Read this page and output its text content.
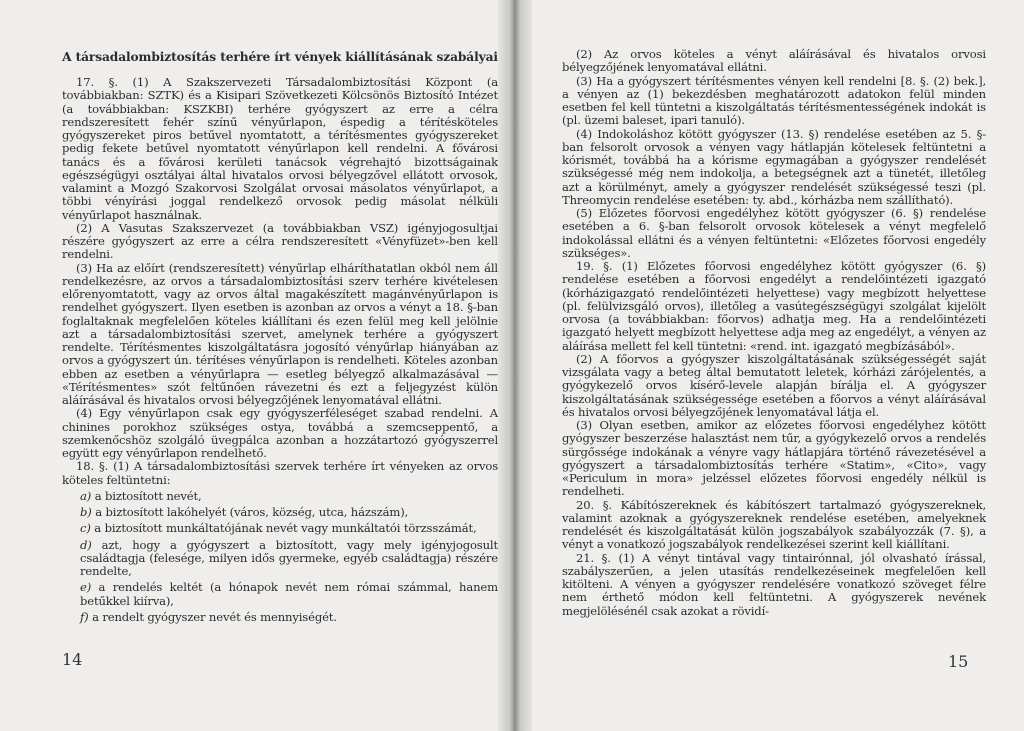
A társadalombiztosítás terhére írt vények kiállításának szabályai

17. §. (1) A Szakszervezeti Társadalombiztosítási Központ (a továbbiakban: SZTK) és a Kisipari Szövetkezeti Kölcsönös Biztosító Intézet (a továbbiakban: KSZKBI) terhére gyógyszert az erre a célra rendszeresített fehér színű vényűrlapon, éspedig a térítésköteles gyógyszereket piros betűvel nyomtatott, a térítésmentes gyógyszereket pedig fekete betűvel nyomtatott vényűrlapon kell rendelni. A fővárosi tanács és a fővárosi kerületi tanácsok végrehajtó bizottságainak egészségügyi osztályai által hivatalos orvosi bélyegzővel ellátott orvosok, valamint a Mozgó Szakorvosi Szolgálat orvosai másolatos vényűrlapot, a többi vényírási joggal rendelkező orvosok pedig másolat nélküli vényűrlapot használnak.

(2) A Vasutas Szakszervezet (a továbbiakban VSZ) igényjogosultjai részére gyógyszert az erre a célra rendszeresített «Vényfüzet»-ben kell rendelni.

(3) Ha az előírt (rendszeresített) vényűrlap elháríthatatlan okból nem áll rendelkezésre, az orvos a társadalombiztosítási szerv terhére kivételesen előrenyomtatott, vagy az orvos által magakészített magánvényűrlapon is rendelhet gyógyszert. Ilyen esetben is azonban az orvos a vényt a 18. §-ban foglaltaknak megfelelően köteles kiállítani és ezen felül meg kell jelölnie azt a társadalombiztosítási szervet, amelynek terhére a gyógyszert rendelte. Térítésmentes kiszolgáltatásra jogosító vényűrlap hiányában az orvos a gyógyszert ún. térítéses vényűrlapon is rendelheti. Köteles azonban ebben az esetben a vényűrlapra — esetleg bélyegző alkalmazásával — «Térítésmentes» szót feltűnően rávezetni és ezt a feljegyzést külön aláírásával és hivatalos orvosi bélyegzőjének lenyomatával ellátni.

(4) Egy vényűrlapon csak egy gyógyszerféleséget szabad rendelni. A chinines porokhoz szükséges ostya, továbbá a szemcseppentő, a szemkenőcshöz szolgáló üvegpálca azonban a hozzátartozó gyógyszerrel együtt egy vényűrlapon rendelhető.

18. §. (1) A társadalombiztosítási szervek terhére írt vényeken az orvos köteles feltüntetni:

a) a biztosított nevét,

b) a biztosított lakóhelyét (város, község, utca, házszám),

c) a biztosított munkáltatójának nevét vagy munkáltatói törzsszámát,

d) azt, hogy a gyógyszert a biztosított, vagy mely igényjogosult családtagja (felesége, milyen idős gyermeke, egyéb családtagja) részére rendelte,

e) a rendelés keltét (a hónapok nevét nem római számmal, hanem betűkkel kiírva),

f) a rendelt gyógyszer nevét és mennyiségét.

(2) Az orvos köteles a vényt aláírásával és hivatalos orvosi bélyegzőjének lenyomatával ellátni.

(3) Ha a gyógyszert térítésmentes vényen kell rendelni [8. §. (2) bek.], a vényen az (1) bekezdésben meghatározott adatokon felül minden esetben fel kell tüntetni a kiszolgáltatás térítésmentességének indokát is (pl. üzemi baleset, ipari tanuló).

(4) Indokoláshoz kötött gyógyszer (13. §) rendelése esetében az 5. §-ban felsorolt orvosok a vényen vagy hátlapján kötelesek feltüntetni a kórismét, továbbá ha a kórisme egymagában a gyógyszer rendelését szükségessé még nem indokolja, a betegségnek azt a tünetét, illetőleg azt a körülményt, amely a gyógyszer rendelését szükségessé teszi (pl. Threomycin rendelése esetében: ty. abd., kórházba nem szállítható).

(5) Előzetes főorvosi engedélyhez kötött gyógyszer (6. §) rendelése esetében a 6. §-ban felsorolt orvosok kötelesek a vényt megfelelő indokolással ellátni és a vényen feltüntetni: «Előzetes főorvosi engedély szükséges».

19. §. (1) Előzetes főorvosi engedélyhez kötött gyógyszer (6. §) rendelése esetében a főorvosi engedélyt a rendelőintézeti igazgató (kórházigazgató rendelőintézeti helyettese) vagy megbízott helyettese (pl. felülvizsgáló orvos), illetőleg a vasútegészségügyi szolgálat kijelölt orvosa (a továbbiakban: főorvos) adhatja meg. Ha a rendelőintézeti igazgató helyett megbízott helyettese adja meg az engedélyt, a vényen az aláírása mellett fel kell tüntetni: «rend. int. igazgató megbízásából».

(2) A főorvos a gyógyszer kiszolgáltatásának szükségességét saját vizsgálata vagy a beteg által bemutatott leletek, kórházi zárójelentés, a gyógykezelő orvos kísérő-levele alapján bírálja el. A gyógyszer kiszolgáltatásának szükségessége esetében a főorvos a vényt aláírásával és hivatalos orvosi bélyegzőjének lenyomatával látja el.

(3) Olyan esetben, amikor az előzetes főorvosi engedélyhez kötött gyógyszer beszerzése halasztást nem tűr, a gyógykezelő orvos a rendelés sürgőssége indokának a vényre vagy hátlapjára történő rávezetésével a gyógyszert a társadalombiztosítás terhére «Statim», «Cito», vagy «Periculum in mora» jelzéssel előzetes főorvosi engedély nélkül is rendelheti.

20. §. Kábítószereknek és kábítószert tartalmazó gyógyszereknek, valamint azoknak a gyógyszereknek rendelése esetében, amelyeknek rendelését és kiszolgáltatását külön jogszabályok szabályozzák (7. §), a vényt a vonatkozó jogszabályok rendelkezései szerint kell kiállítani.

21. §. (1) A vényt tintával vagy tintairónnal, jól olvasható írással, szabályszerűen, a jelen utasítás rendelkezéseinek megfelelően kell kitölteni. A vényen a gyógyszer rendelésére vonatkozó szöveget félre nem érthető módon kell feltüntetni. A gyógyszerek nevének megjelölésénél csak azokat a rövidí-

14	15
